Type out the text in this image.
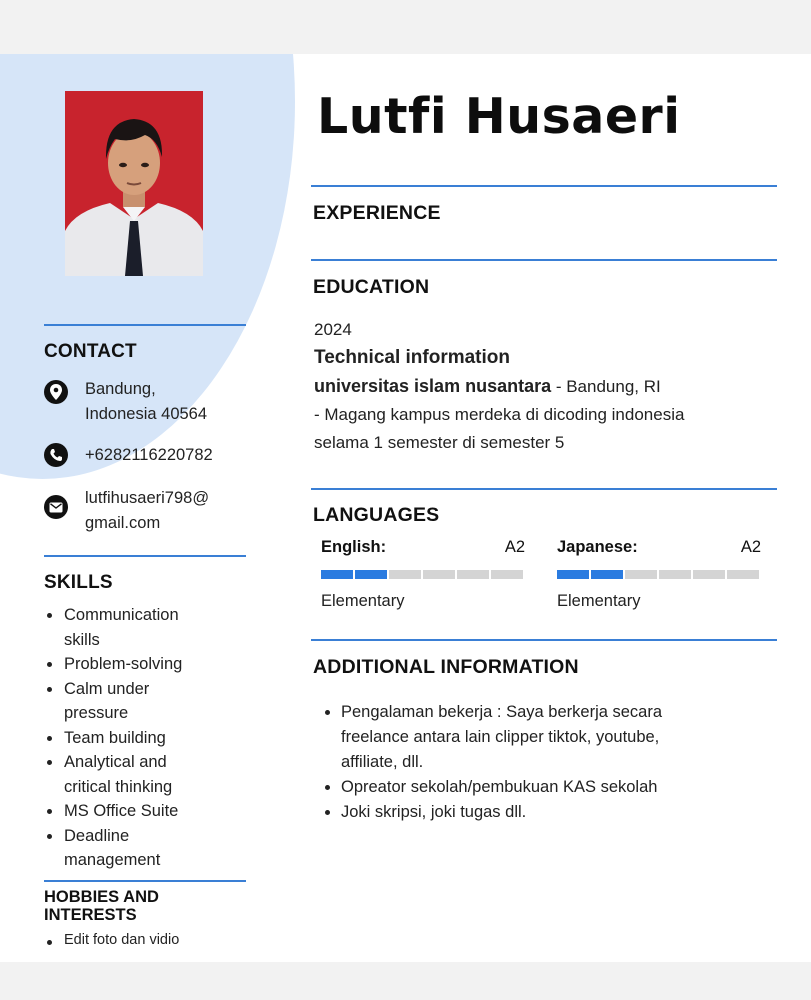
CONTACT
Bandung,
Indonesia 40564
+6282116220782
lutfihusaeri798@
gmail.com
SKILLS
Communication
skills
Problem-solving
Calm under
pressure
Team building
Analytical and
critical thinking
MS Office Suite
Deadline
management
HOBBIES AND
INTERESTS
Edit foto dan vidio
Lutfi Husaeri
EXPERIENCE
EDUCATION
2024
Technical information
universitas islam nusantara - Bandung, RI
- Magang kampus merdeka di dicoding indonesia
selama 1 semester di semester 5
LANGUAGES
English:	A2
Elementary
Japanese:	A2
Elementary
ADDITIONAL INFORMATION
Pengalaman bekerja : Saya berkerja secara
freelance antara lain clipper tiktok, youtube,
affiliate, dll.
Opreator sekolah/pembukuan KAS sekolah
Joki skripsi, joki tugas dll.
